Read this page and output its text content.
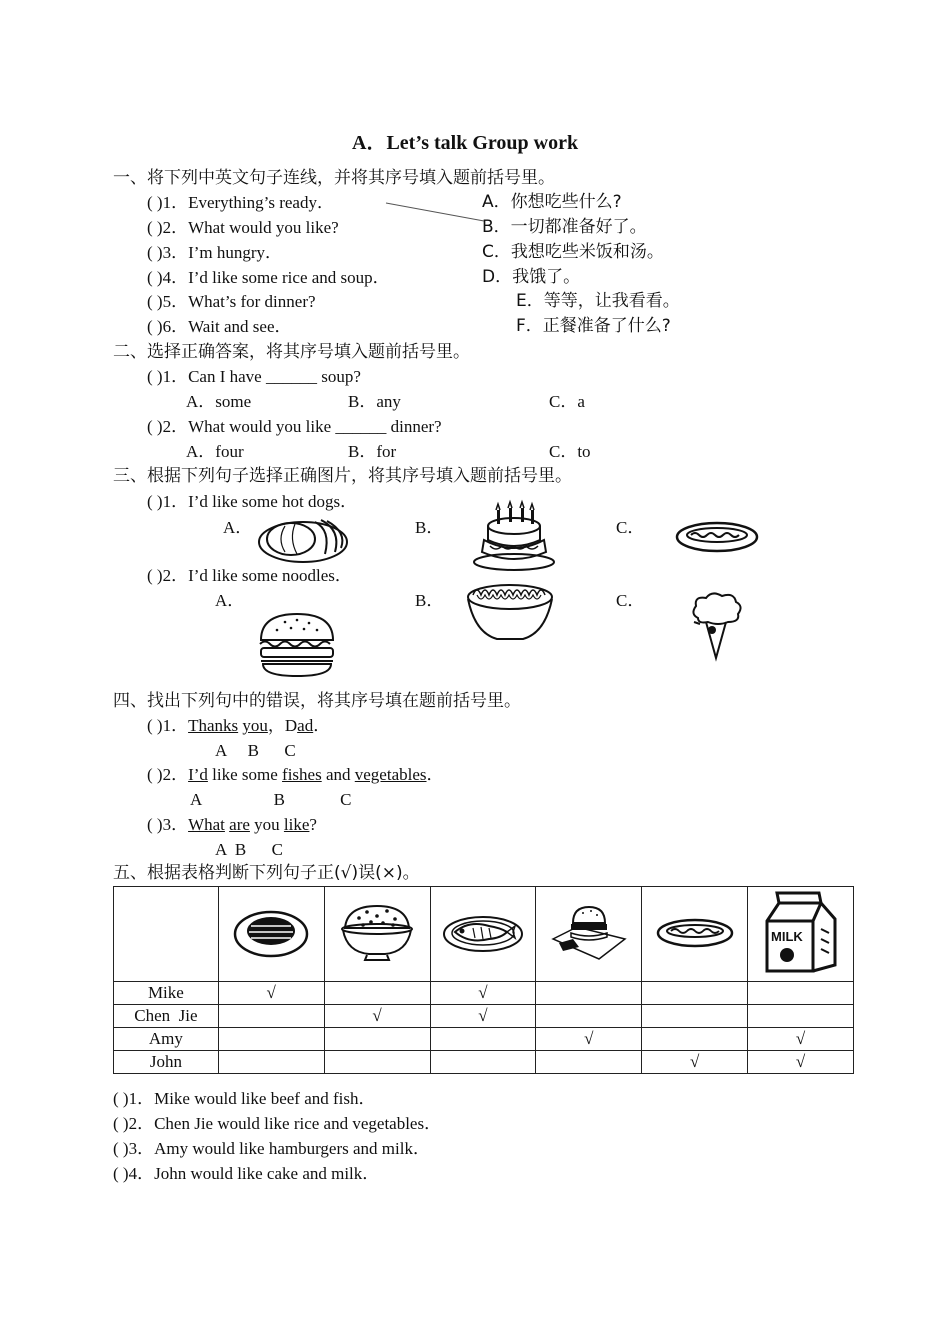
A．Let’s talk Group work
一、将下列中英文句子连线，并将其序号填入题前括号里。
( )1．Everything’s ready．
( )2．What would you like?
( )3．I’m hungry．
( )4．I’d like some rice and soup．
( )5．What’s for dinner?
( )6．Wait and see．
A．你想吃些什么?
B．一切都准备好了。
C．我想吃些米饭和汤。
D．我饿了。
E．等等，让我看看。
F．正餐准备了什么?
二、选择正确答案，将其序号填入题前括号里。
( )1．Can I have ______ soup?
A．some	B．any	C．a
( )2．What would you like ______ dinner?
A．four	B．for	C．to
三、根据下列句子选择正确图片，将其序号填入题前括号里。
( )1．I’d like some hot dogs．
A．	B．	C．
( )2．I’d like some noodles．
A．	B．	C．
四、找出下列句中的错误，将其序号填在题前括号里。
( )1．Thanks you，Dad．
A     B      C
( )2．I’d like some fishes and vegetables．
A                 B             C
( )3．What are you like?
A  B      C
五、根据表格判断下列句子正(√)误(×)。

MILK

Mike	√		√			
Chen  Jie		√	√			
Amy				√		√
John					√	√
( )1．Mike would like beef and fish．
( )2．Chen Jie would like rice and vegetables．
( )3．Amy would like hamburgers and milk．
( )4．John would like cake and milk．
